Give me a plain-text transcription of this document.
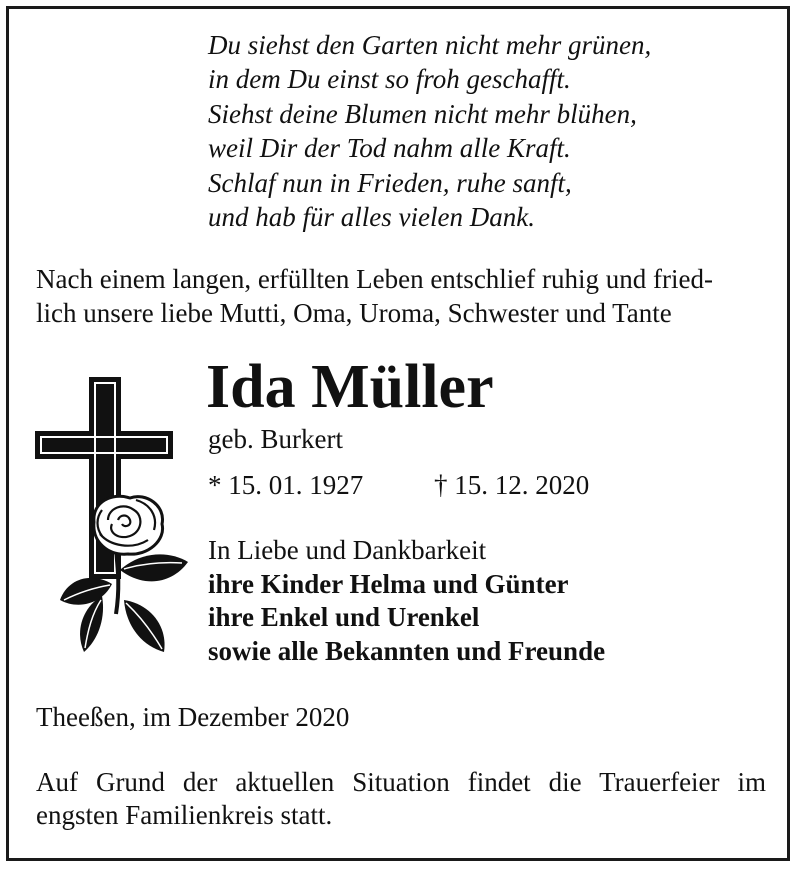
Du siehst den Garten nicht mehr grünen,
in dem Du einst so froh geschafft.
Siehst deine Blumen nicht mehr blühen,
weil Dir der Tod nahm alle Kraft.
Schlaf nun in Frieden, ruhe sanft,
und hab für alles vielen Dank.
Nach einem langen, erfüllten Leben entschlief ruhig und fried-
lich unsere liebe Mutti, Oma, Uroma, Schwester und Tante
Ida Müller
geb. Burkert
* 15. 01. 1927	† 15. 12. 2020
In Liebe und Dankbarkeit
ihre Kinder Helma und Günter
ihre Enkel und Urenkel
sowie alle Bekannten und Freunde
Theeßen, im Dezember 2020
Auf Grund der aktuellen Situation findet die Trauerfeier im
engsten Familienkreis statt.
